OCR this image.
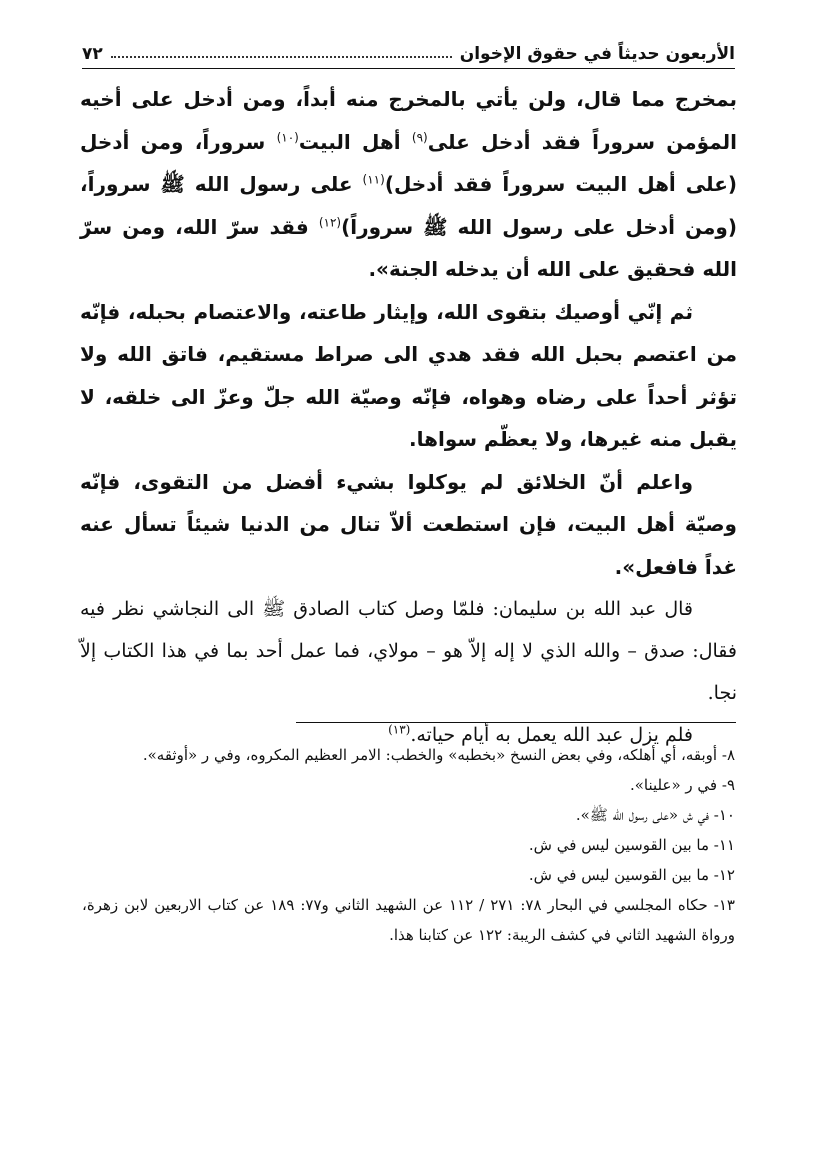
الأربعون حديثاً في حقوق الإخوان
٧٢

بمخرج مما قال، ولن يأتي بالمخرج منه أبداً، ومن أدخل على أخيه المؤمن سروراً فقد أدخل على$^{(٩)}$ أهل البيت$^{(١٠)}$ سروراً، ومن أدخل (على أهل البيت سروراً فقد أدخل)$^{(١١)}$ على رسول الله ﷺ سروراً، (ومن أدخل على رسول الله ﷺ سروراً)$^{(١٢)}$ فقد سرّ الله، ومن سرّ الله فحقيق على الله أن يدخله الجنة».

ثم إنّي أوصيك بتقوى الله، وإيثار طاعته، والاعتصام بحبله، فإنّه من اعتصم بحبل الله فقد هدي الى صراط مستقيم، فاتق الله ولا تؤثر أحداً على رضاه وهواه، فإنّه وصيّة الله جلّ وعزّ الى خلقه، لا يقبل منه غيرها، ولا يعظّم سواها.

واعلم أنّ الخلائق لم يوكلوا بشيء أفضل من التقوى، فإنّه وصيّة أهل البيت، فإن استطعت ألاّ تنال من الدنيا شيئاً تسأل عنه غداً فافعل».

قال عبد الله بن سليمان: فلمّا وصل كتاب الصادق ﷺ الى النجاشي نظر فيه فقال: صدق – والله الذي لا إله إلاّ هو – مولاي، فما عمل أحد بما في هذا الكتاب إلاّ نجا.

فلم يزل عبد الله يعمل به أيام حياته.$^{(١٣)}$

٨- أوبقه، أي أهلكه، وفي بعض النسخ «بخطبه» والخطب: الامر العظيم المكروه، وفي ر «أوثقه».

٩- في ر «علينا».

١٠- في ش «على رسول الله ﷺ».

١١- ما بين القوسين ليس في ش.

١٢- ما بين القوسين ليس في ش.

١٣- حكاه المجلسي في البحار ٧٨: ٢٧١ / ١١٢ عن الشهيد الثاني و٧٧: ١٨٩ عن كتاب الاربعين لابن زهرة، ورواة الشهيد الثاني في كشف الريبة: ١٢٢ عن كتابنا هذا.
